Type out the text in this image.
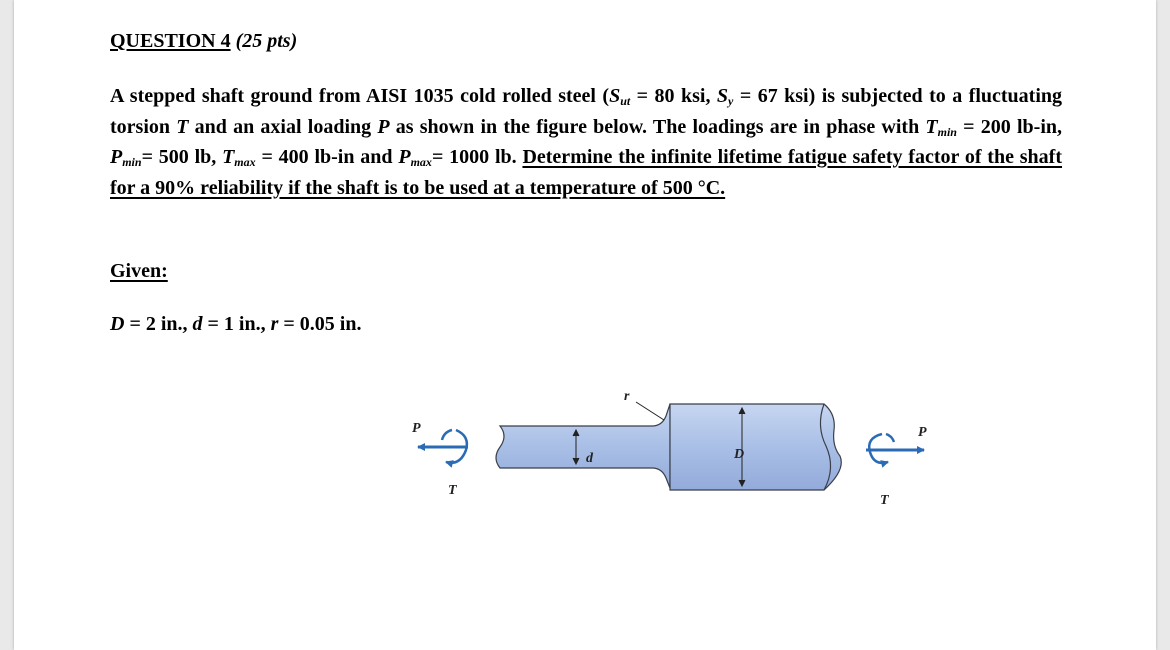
QUESTION 4 (25 pts)
A stepped shaft ground from AISI 1035 cold rolled steel ($S_{ut} = 80$ ksi, $S_y = 67$ ksi) is subjected to a fluctuating torsion T and an axial loading P as shown in the figure below. The loadings are in phase with $T_{min} = 200$ lb-in, $P_{min}= 500$ lb, $T_{max} = 400$ lb-in and $P_{max}= 1000$ lb. Determine the infinite lifetime fatigue safety factor of the shaft for a 90% reliability if the shaft is to be used at a temperature of 500 °C.
Given:
D = 2 in., d = 1 in., r = 0.05 in.
d	D
r
P
T
P
T
